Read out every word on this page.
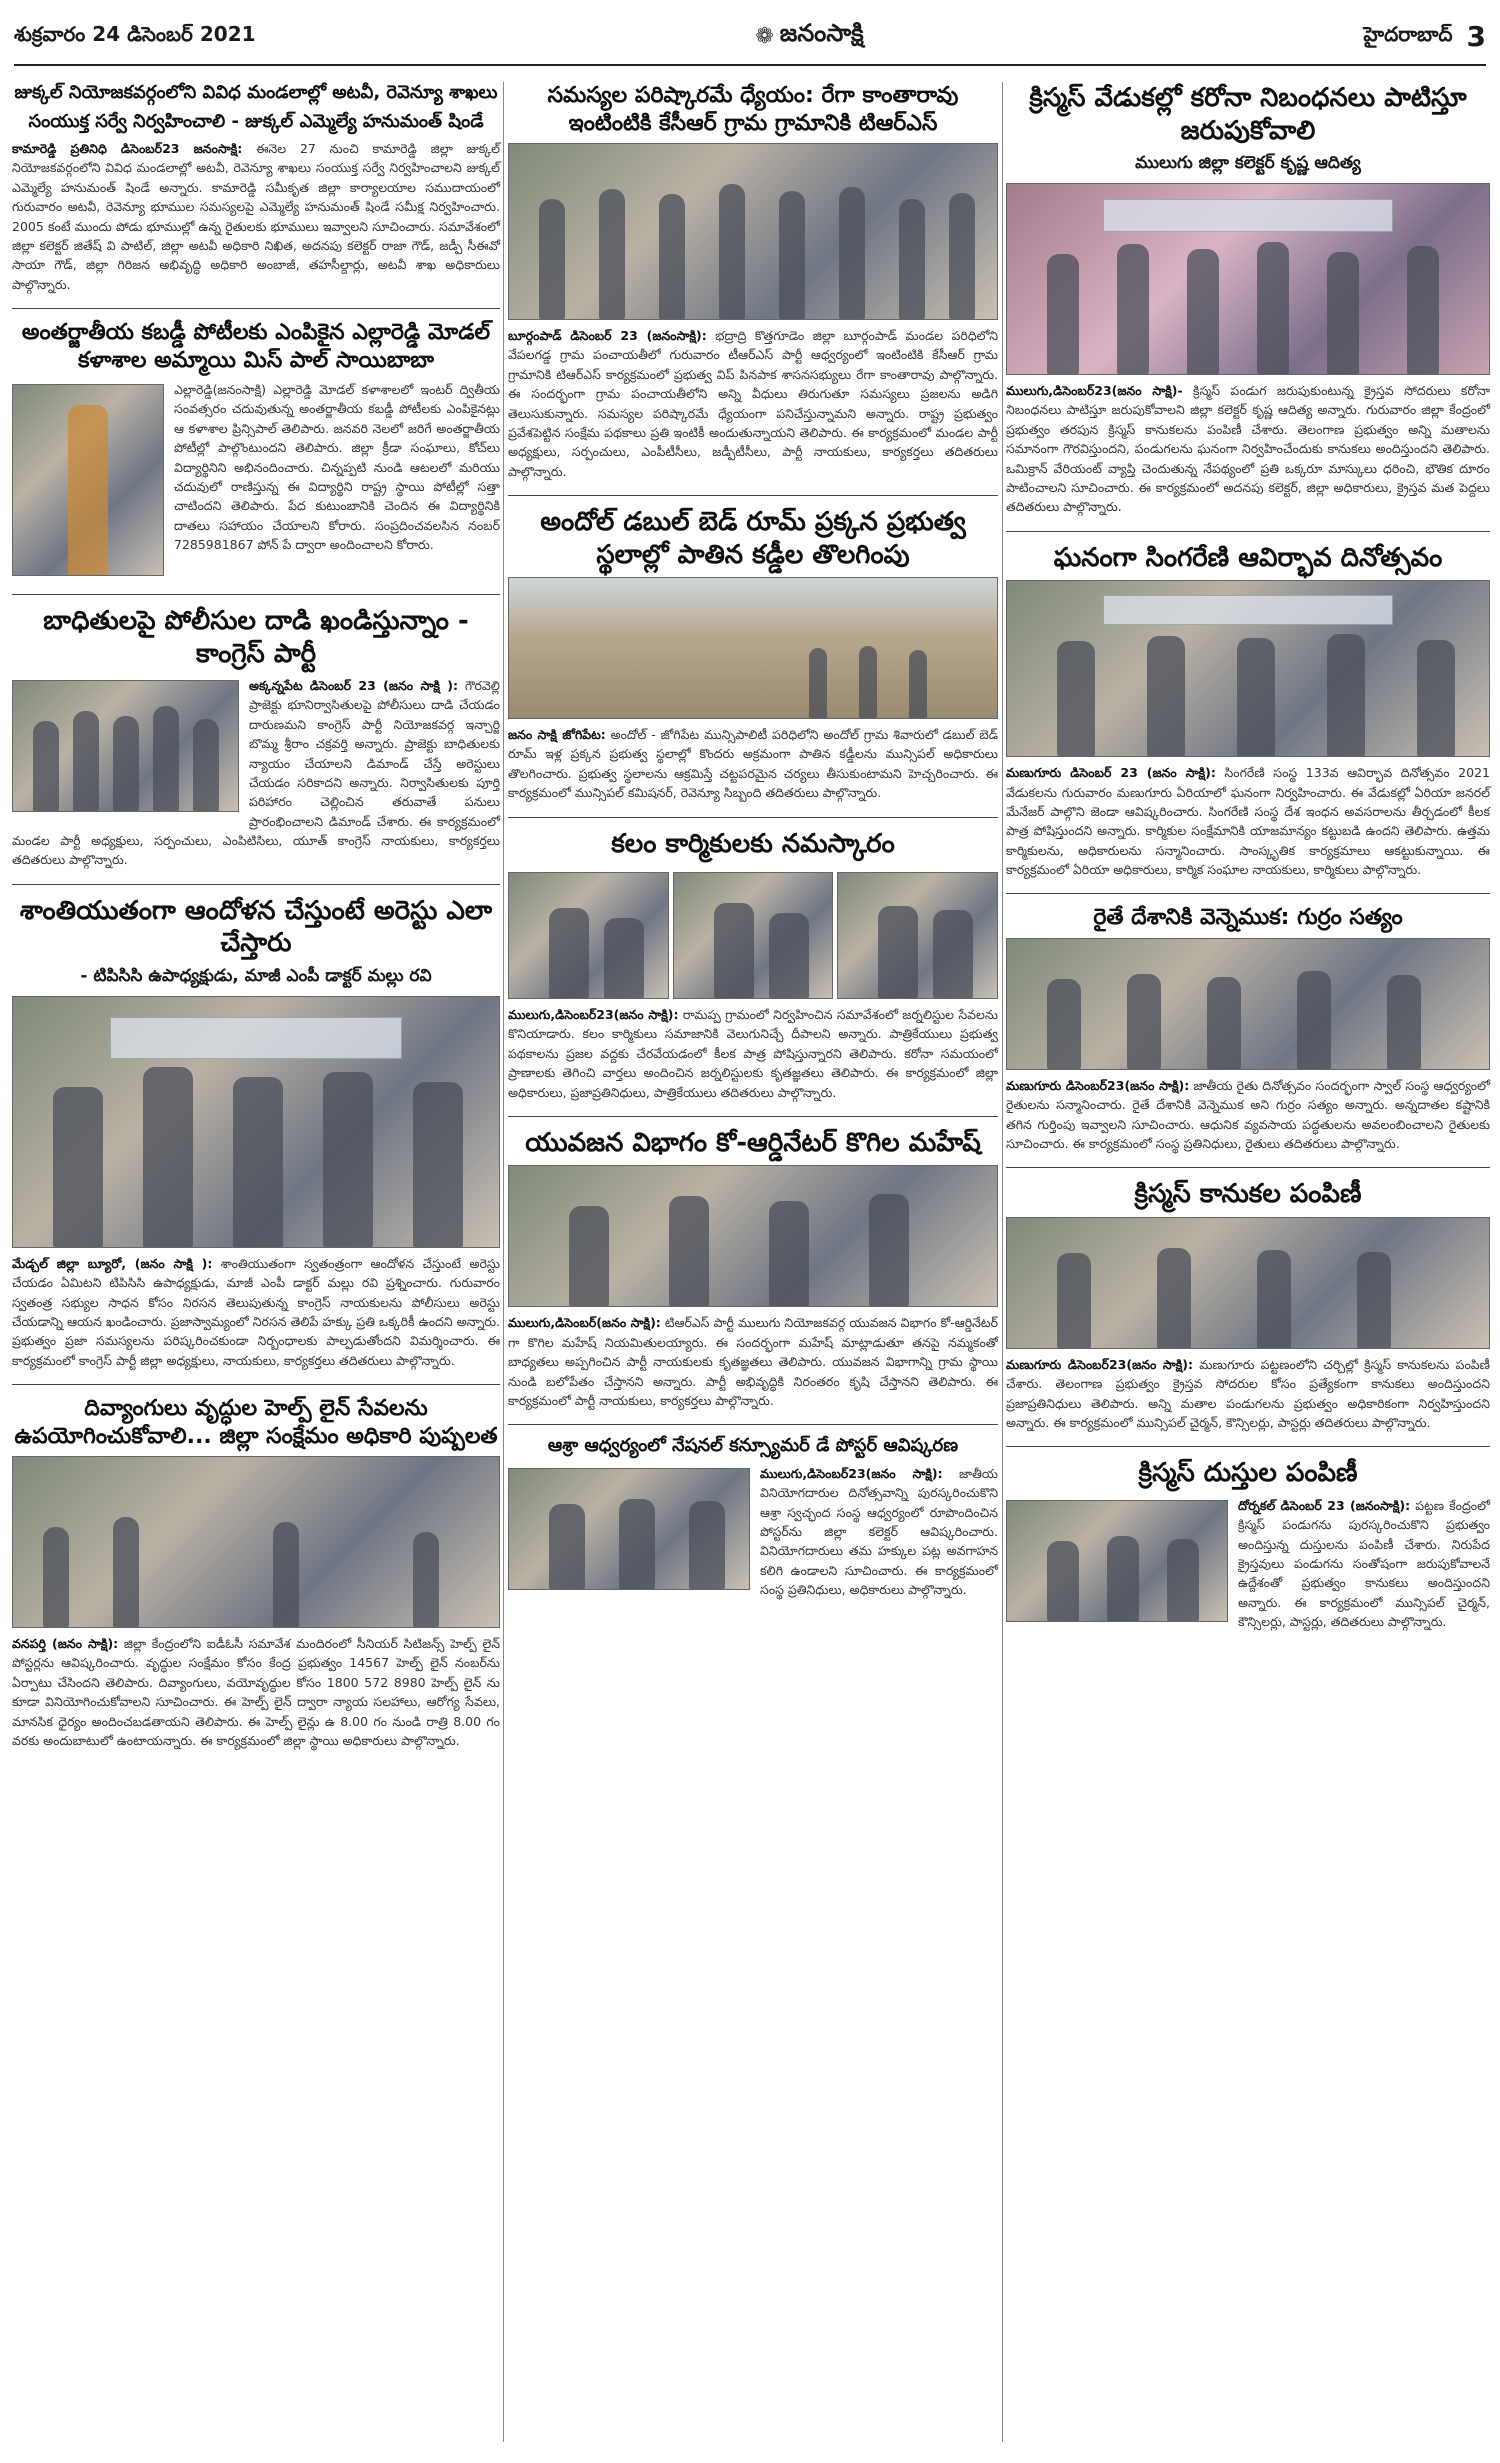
శుక్రవారం 24 డిసెంబర్ 2021	❁ జనంసాక్షి	హైదరాబాద్ 3
జుక్కల్ నియోజకవర్గంలోని వివిధ మండలాల్లో అటవీ, రెవెన్యూ శాఖలు
సంయుక్త సర్వే నిర్వహించాలి - జుక్కల్ ఎమ్మెల్యే హనుమంత్ షిండే
కామారెడ్డి ప్రతినిధి డిసెంబర్23 జనంసాక్షి: ఈనెల 27 నుంచి కామారెడ్డి జిల్లా జుక్కల్ నియోజకవర్గంలోని వివిధ మండలాల్లో అటవీ, రెవెన్యూ శాఖలు సంయుక్త సర్వే నిర్వహించాలని జుక్కల్ ఎమ్మెల్యే హనుమంత్ షిండే అన్నారు. కామారెడ్డి సమీకృత జిల్లా కార్యాలయాల సముదాయంలో గురువారం అటవీ, రెవెన్యూ భూముల సమస్యలపై ఎమ్మెల్యే హనుమంత్ షిండే సమీక్ష నిర్వహించారు. 2005 కంటే ముందు పోడు భూముల్లో ఉన్న రైతులకు భూములు ఇవ్వాలని సూచించారు. సమావేశంలో జిల్లా కలెక్టర్ జితేష్ వి పాటిల్, జిల్లా అటవీ అధికారి నిఖిత, అదనపు కలెక్టర్ రాజా గౌడ్, జడ్పీ సీఈవో సాయా గౌడ్, జిల్లా గిరిజన అభివృద్ధి అధికారి అంబాజీ, తహసీల్దార్లు, అటవీ శాఖ అధికారులు పాల్గొన్నారు.
అంతర్జాతీయ కబడ్డీ పోటీలకు ఎంపికైన ఎల్లారెడ్డి మోడల్ కళాశాల అమ్మాయి మిస్ పాల్ సాయిబాబా
ఎల్లారెడ్డి(జనంసాక్షి) ఎల్లారెడ్డి మోడల్ కళాశాలలో ఇంటర్ ద్వితీయ సంవత్సరం చదువుతున్న అంతర్జాతీయ కబడ్డీ పోటీలకు ఎంపికైనట్లు ఆ కళాశాల ప్రిన్సిపాల్ తెలిపారు. జనవరి నెలలో జరిగే అంతర్జాతీయ పోటీల్లో పాల్గొంటుందని తెలిపారు. జిల్లా క్రీడా సంఘాలు, కోచ్‌లు విద్యార్థినిని అభినందించారు. చిన్నప్పటి నుండి ఆటలలో మరియు చదువులో రాణిస్తున్న ఈ విద్యార్థిని రాష్ట్ర స్థాయి పోటీల్లో సత్తా చాటిందని తెలిపారు. పేద కుటుంబానికి చెందిన ఈ విద్యార్థినికి దాతలు సహాయం చేయాలని కోరారు. సంప్రదించవలసిన నంబర్ 7285981867 పోన్ పే ద్వారా అందించాలని కోరారు.
బాధితులపై పోలీసుల దాడి ఖండిస్తున్నాం - కాంగ్రెస్ పార్టీ
అక్కన్నపేట డిసెంబర్ 23 (జనం సాక్షి ): గౌరవెల్లి ప్రాజెక్టు భూనిర్వాసితులపై పోలీసులు దాడి చేయడం దారుణమని కాంగ్రెస్ పార్టీ నియోజకవర్గ ఇన్చార్జి బొమ్మ శ్రీరాం చక్రవర్తి అన్నారు. ప్రాజెక్టు బాధితులకు న్యాయం చేయాలని డిమాండ్ చేస్తే అరెస్టులు చేయడం సరికాదని అన్నారు. నిర్వాసితులకు పూర్తి పరిహారం చెల్లించిన తరువాతే పనులు ప్రారంభించాలని డిమాండ్ చేశారు. ఈ కార్యక్రమంలో మండల పార్టీ అధ్యక్షులు, సర్పంచులు, ఎంపిటిసిలు, యూత్ కాంగ్రెస్ నాయకులు, కార్యకర్తలు తదితరులు పాల్గొన్నారు.
శాంతియుతంగా ఆందోళన చేస్తుంటే అరెస్టు ఎలా చేస్తారు
- టిపిసిసి ఉపాధ్యక్షుడు, మాజీ ఎంపీ డాక్టర్ మల్లు రవి
మేడ్చల్ జిల్లా బ్యూరో, (జనం సాక్షి ): శాంతియుతంగా స్వతంత్రంగా ఆందోళన చేస్తుంటే అరెస్టు చేయడం ఏమిటని టిపిసిసి ఉపాధ్యక్షుడు, మాజీ ఎంపీ డాక్టర్ మల్లు రవి ప్రశ్నించారు. గురువారం స్వతంత్ర సభ్యుల సాధన కోసం నిరసన తెలుపుతున్న కాంగ్రెస్ నాయకులను పోలీసులు అరెస్టు చేయడాన్ని ఆయన ఖండించారు. ప్రజాస్వామ్యంలో నిరసన తెలిపే హక్కు ప్రతి ఒక్కరికీ ఉందని అన్నారు. ప్రభుత్వం ప్రజా సమస్యలను పరిష్కరించకుండా నిర్బంధాలకు పాల్పడుతోందని విమర్శించారు. ఈ కార్యక్రమంలో కాంగ్రెస్ పార్టీ జిల్లా అధ్యక్షులు, నాయకులు, కార్యకర్తలు తదితరులు పాల్గొన్నారు.
దివ్యాంగులు వృద్ధుల హెల్ప్ లైన్ సేవలను ఉపయోగించుకోవాలి... జిల్లా సంక్షేమం అధికారి పుష్పలత
వనపర్తి (జనం సాక్షి): జిల్లా కేంద్రంలోని ఐడీఓసీ సమావేశ మందిరంలో సీనియర్ సిటిజన్స్ హెల్ప్ లైన్ పోస్టర్లను ఆవిష్కరించారు. వృద్ధుల సంక్షేమం కోసం కేంద్ర ప్రభుత్వం 14567 హెల్ప్ లైన్ నంబర్‌ను ఏర్పాటు చేసిందని తెలిపారు. దివ్యాంగులు, వయోవృద్ధుల కోసం 1800 572 8980 హెల్ప్ లైన్ ను కూడా వినియోగించుకోవాలని సూచించారు. ఈ హెల్ప్ లైన్ ద్వారా న్యాయ సలహాలు, ఆరోగ్య సేవలు, మానసిక ధైర్యం అందించబడతాయని తెలిపారు. ఈ హెల్ప్ లైన్లు ఉ 8.00 గం నుండి రాత్రి 8.00 గం వరకు అందుబాటులో ఉంటాయన్నారు. ఈ కార్యక్రమంలో జిల్లా స్థాయి అధికారులు పాల్గొన్నారు.
సమస్యల పరిష్కారమే ధ్యేయం: రేగా కాంతారావు ఇంటింటికి కేసీఆర్ గ్రామ గ్రామానికి టిఆర్ఎస్
బూర్గంపాడ్ డిసెంబర్ 23 (జనంసాక్షి): భద్రాద్రి కొత్తగూడెం జిల్లా బూర్గంపాడ్ మండల పరిధిలోని వేపలగడ్డ గ్రామ పంచాయతీలో గురువారం టీఆర్ఎస్ పార్టీ ఆధ్వర్యంలో ఇంటింటికి కేసీఆర్ గ్రామ గ్రామానికి టిఆర్ఎస్ కార్యక్రమంలో ప్రభుత్వ విప్ పినపాక శాసనసభ్యులు రేగా కాంతారావు పాల్గొన్నారు. ఈ సందర్భంగా గ్రామ పంచాయతీలోని అన్ని వీధులు తిరుగుతూ సమస్యలు ప్రజలను అడిగి తెలుసుకున్నారు. సమస్యల పరిష్కారమే ధ్యేయంగా పనిచేస్తున్నామని అన్నారు. రాష్ట్ర ప్రభుత్వం ప్రవేశపెట్టిన సంక్షేమ పథకాలు ప్రతి ఇంటికీ అందుతున్నాయని తెలిపారు. ఈ కార్యక్రమంలో మండల పార్టీ అధ్యక్షులు, సర్పంచులు, ఎంపీటీసీలు, జడ్పీటీసీలు, పార్టీ నాయకులు, కార్యకర్తలు తదితరులు పాల్గొన్నారు.
అందోల్ డబుల్ బెడ్ రూమ్ ప్రక్కన ప్రభుత్వ స్థలాల్లో పాతిన కడ్డీల తొలగింపు
జనం సాక్షి జోగిపేట: అందోల్ - జోగిపేట మున్సిపాలిటీ పరిధిలోని అందోల్ గ్రామ శివారులో డబుల్ బెడ్ రూమ్ ఇళ్ల ప్రక్కన ప్రభుత్వ స్థలాల్లో కొందరు అక్రమంగా పాతిన కడ్డీలను మున్సిపల్ అధికారులు తొలగించారు. ప్రభుత్వ స్థలాలను ఆక్రమిస్తే చట్టపరమైన చర్యలు తీసుకుంటామని హెచ్చరించారు. ఈ కార్యక్రమంలో మున్సిపల్ కమిషనర్, రెవెన్యూ సిబ్బంది తదితరులు పాల్గొన్నారు.
కలం కార్మికులకు నమస్కారం
ములుగు,డిసెంబర్23(జనం సాక్షి): రామప్ప గ్రామంలో నిర్వహించిన సమావేశంలో జర్నలిస్టుల సేవలను కొనియాడారు. కలం కార్మికులు సమాజానికి వెలుగునిచ్చే దీపాలని అన్నారు. పాత్రికేయులు ప్రభుత్వ పథకాలను ప్రజల వద్దకు చేరవేయడంలో కీలక పాత్ర పోషిస్తున్నారని తెలిపారు. కరోనా సమయంలో ప్రాణాలకు తెగించి వార్తలు అందించిన జర్నలిస్టులకు కృతజ్ఞతలు తెలిపారు. ఈ కార్యక్రమంలో జిల్లా అధికారులు, ప్రజాప్రతినిధులు, పాత్రికేయులు తదితరులు పాల్గొన్నారు.
యువజన విభాగం కో-ఆర్డినేటర్ కొగిల మహేష్
ములుగు,డిసెంబర్(జనం సాక్షి): టిఆర్ఎస్ పార్టీ ములుగు నియోజకవర్గ యువజన విభాగం కో-ఆర్డినేటర్ గా కొగిల మహేష్ నియమితులయ్యారు. ఈ సందర్భంగా మహేష్ మాట్లాడుతూ తనపై నమ్మకంతో బాధ్యతలు అప్పగించిన పార్టీ నాయకులకు కృతజ్ఞతలు తెలిపారు. యువజన విభాగాన్ని గ్రామ స్థాయి నుండి బలోపేతం చేస్తానని అన్నారు. పార్టీ అభివృద్ధికి నిరంతరం కృషి చేస్తానని తెలిపారు. ఈ కార్యక్రమంలో పార్టీ నాయకులు, కార్యకర్తలు పాల్గొన్నారు.
ఆశ్రా ఆధ్వర్యంలో నేషనల్ కన్స్యూమర్ డే పోస్టర్ ఆవిష్కరణ
ములుగు,డిసెంబర్23(జనం సాక్షి): జాతీయ వినియోగదారుల దినోత్సవాన్ని పురస్కరించుకొని ఆశ్రా స్వచ్ఛంద సంస్థ ఆధ్వర్యంలో రూపొందించిన పోస్టర్‌ను జిల్లా కలెక్టర్ ఆవిష్కరించారు. వినియోగదారులు తమ హక్కుల పట్ల అవగాహన కలిగి ఉండాలని సూచించారు. ఈ కార్యక్రమంలో సంస్థ ప్రతినిధులు, అధికారులు పాల్గొన్నారు.
క్రిస్మస్ వేడుకల్లో కరోనా నిబంధనలు పాటిస్తూ జరుపుకోవాలి
ములుగు జిల్లా కలెక్టర్ కృష్ణ ఆదిత్య
ములుగు,డిసెంబర్23(జనం సాక్షి)- క్రిస్మస్ పండుగ జరుపుకుంటున్న క్రైస్తవ సోదరులు కరోనా నిబంధనలు పాటిస్తూ జరుపుకోవాలని జిల్లా కలెక్టర్ కృష్ణ ఆదిత్య అన్నారు. గురువారం జిల్లా కేంద్రంలో ప్రభుత్వం తరపున క్రిస్మస్ కానుకలను పంపిణీ చేశారు. తెలంగాణ ప్రభుత్వం అన్ని మతాలను సమానంగా గౌరవిస్తుందని, పండుగలను ఘనంగా నిర్వహించేందుకు కానుకలు అందిస్తుందని తెలిపారు. ఒమిక్రాన్ వేరియంట్ వ్యాప్తి చెందుతున్న నేపథ్యంలో ప్రతి ఒక్కరూ మాస్కులు ధరించి, భౌతిక దూరం పాటించాలని సూచించారు. ఈ కార్యక్రమంలో అదనపు కలెక్టర్, జిల్లా అధికారులు, క్రైస్తవ మత పెద్దలు తదితరులు పాల్గొన్నారు.
ఘనంగా సింగరేణి ఆవిర్భావ దినోత్సవం
మణుగూరు డిసెంబర్ 23 (జనం సాక్షి): సింగరేణి సంస్థ 133వ ఆవిర్భావ దినోత్సవం 2021 వేడుకలను గురువారం మణుగూరు ఏరియాలో ఘనంగా నిర్వహించారు. ఈ వేడుకల్లో ఏరియా జనరల్ మేనేజర్ పాల్గొని జెండా ఆవిష్కరించారు. సింగరేణి సంస్థ దేశ ఇంధన అవసరాలను తీర్చడంలో కీలక పాత్ర పోషిస్తుందని అన్నారు. కార్మికుల సంక్షేమానికి యాజమాన్యం కట్టుబడి ఉందని తెలిపారు. ఉత్తమ కార్మికులను, అధికారులను సన్మానించారు. సాంస్కృతిక కార్యక్రమాలు ఆకట్టుకున్నాయి. ఈ కార్యక్రమంలో ఏరియా అధికారులు, కార్మిక సంఘాల నాయకులు, కార్మికులు పాల్గొన్నారు.
రైతే దేశానికి వెన్నెముక: గుర్రం సత్యం
మణుగూరు డిసెంబర్23(జనం సాక్షి): జాతీయ రైతు దినోత్సవం సందర్భంగా స్వాల్ సంస్థ ఆధ్వర్యంలో రైతులను సన్మానించారు. రైతే దేశానికి వెన్నెముక అని గుర్రం సత్యం అన్నారు. అన్నదాతల కష్టానికి తగిన గుర్తింపు ఇవ్వాలని సూచించారు. ఆధునిక వ్యవసాయ పద్ధతులను అవలంబించాలని రైతులకు సూచించారు. ఈ కార్యక్రమంలో సంస్థ ప్రతినిధులు, రైతులు తదితరులు పాల్గొన్నారు.
క్రిస్మస్ కానుకల పంపిణీ
మణుగూరు డిసెంబర్23(జనం సాక్షి): మణుగూరు పట్టణంలోని చర్చిల్లో క్రిస్మస్ కానుకలను పంపిణీ చేశారు. తెలంగాణ ప్రభుత్వం క్రైస్తవ సోదరుల కోసం ప్రత్యేకంగా కానుకలు అందిస్తుందని ప్రజాప్రతినిధులు తెలిపారు. అన్ని మతాల పండుగలను ప్రభుత్వం అధికారికంగా నిర్వహిస్తుందని అన్నారు. ఈ కార్యక్రమంలో మున్సిపల్ చైర్మన్, కౌన్సిలర్లు, పాస్టర్లు తదితరులు పాల్గొన్నారు.
క్రిస్మస్ దుస్తుల పంపిణీ
దోర్నకల్ డిసెంబర్ 23 (జనంసాక్షి): పట్టణ కేంద్రంలో క్రిస్మస్ పండుగను పురస్కరించుకొని ప్రభుత్వం అందిస్తున్న దుస్తులను పంపిణీ చేశారు. నిరుపేద క్రైస్తవులు పండుగను సంతోషంగా జరుపుకోవాలనే ఉద్దేశంతో ప్రభుత్వం కానుకలు అందిస్తుందని అన్నారు. ఈ కార్యక్రమంలో మున్సిపల్ చైర్మన్, కౌన్సిలర్లు, పాస్టర్లు, తదితరులు పాల్గొన్నారు.
